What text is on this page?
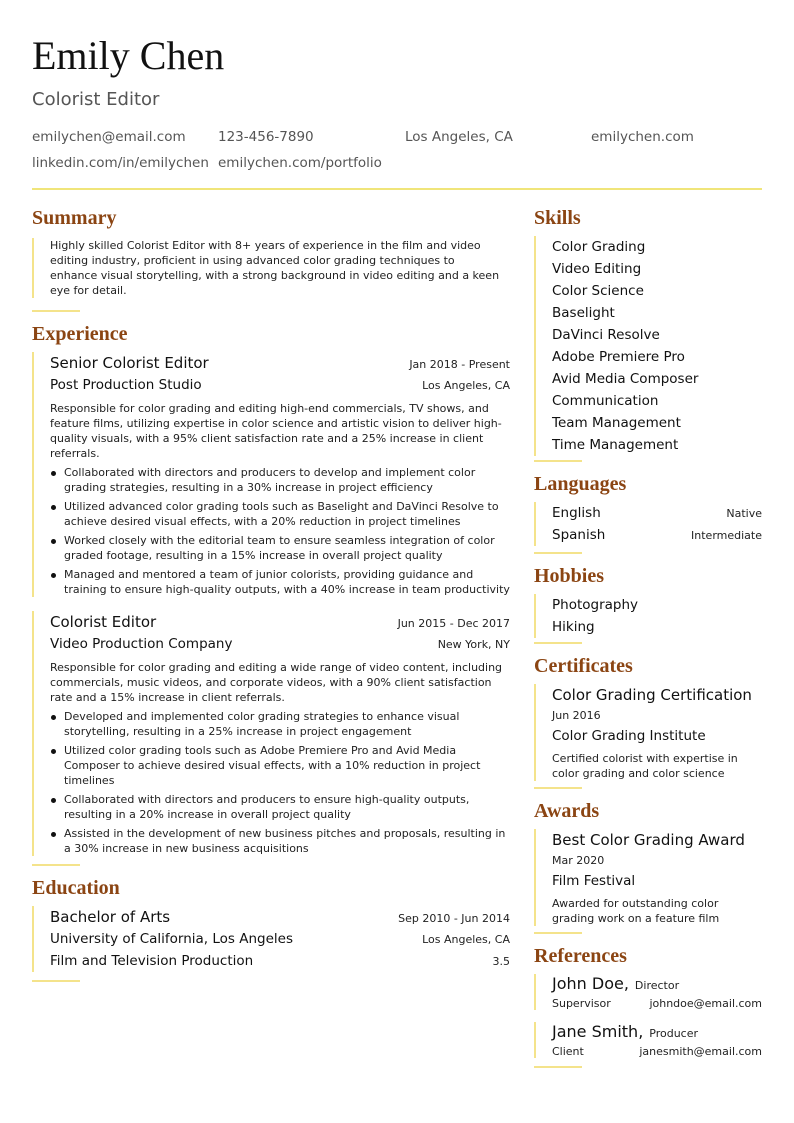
Emily Chen
Colorist Editor
emilychen@email.com 123-456-7890	Los Angeles, CA	emilychen.com
linkedin.com/in/emilychen emilychen.com/portfolio
Summary

Highly skilled Colorist Editor with 8+ years of experience in the film and video editing industry, proficient in using advanced color grading techniques to enhance visual storytelling, with a strong background in video editing and a keen eye for detail.

Experience
Senior Colorist Editor	Jan 2018 - Present
Post Production Studio	Los Angeles, CA

Responsible for color grading and editing high-end commercials, TV shows, and feature films, utilizing expertise in color science and artistic vision to deliver high-quality visuals, with a 95% client satisfaction rate and a 25% increase in client referrals.

Collaborated with directors and producers to develop and implement color grading strategies, resulting in a 30% increase in project efficiency
Utilized advanced color grading tools such as Baselight and DaVinci Resolve to achieve desired visual effects, with a 20% reduction in project timelines
Worked closely with the editorial team to ensure seamless integration of color graded footage, resulting in a 15% increase in overall project quality
Managed and mentored a team of junior colorists, providing guidance and training to ensure high-quality outputs, with a 40% increase in team productivity
Colorist Editor	Jun 2015 - Dec 2017
Video Production Company	New York, NY

Responsible for color grading and editing a wide range of video content, including commercials, music videos, and corporate videos, with a 90% client satisfaction rate and a 15% increase in client referrals.

Developed and implemented color grading strategies to enhance visual storytelling, resulting in a 25% increase in project engagement
Utilized color grading tools such as Adobe Premiere Pro and Avid Media Composer to achieve desired visual effects, with a 10% reduction in project timelines
Collaborated with directors and producers to ensure high-quality outputs, resulting in a 20% increase in overall project quality
Assisted in the development of new business pitches and proposals, resulting in a 30% increase in new business acquisitions
Education
Bachelor of Arts	Sep 2010 - Jun 2014
University of California, Los Angeles	Los Angeles, CA
Film and Television Production	3.5
Skills
Color Grading
Video Editing
Color Science
Baselight
DaVinci Resolve
Adobe Premiere Pro
Avid Media Composer
Communication
Team Management
Time Management
Languages
English	Native
Spanish	Intermediate
Hobbies
Photography
Hiking
Certificates
Color Grading Certification
Jun 2016
Color Grading Institute

Certified colorist with expertise in color grading and color science

Awards
Best Color Grading Award
Mar 2020
Film Festival

Awarded for outstanding color grading work on a feature film

References
John Doe, Director
Supervisor	johndoe@email.com
Jane Smith, Producer
Client	janesmith@email.com
